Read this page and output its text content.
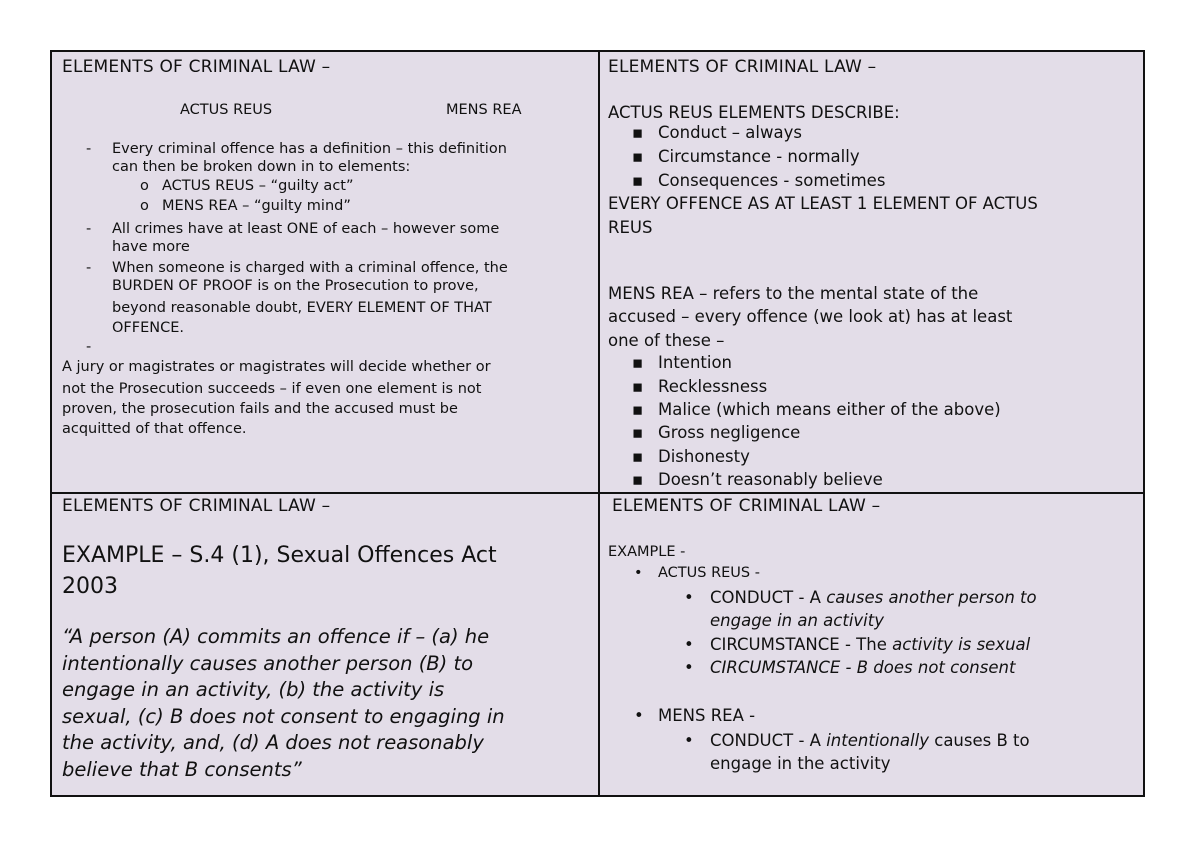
ELEMENTS OF CRIMINAL LAW –
ACTUS REUS	MENS REA
- Every criminal offence has a definition – this definition
can then be broken down in to elements:
o ACTUS REUS – “guilty act”
o MENS REA – “guilty mind”
- All crimes have at least ONE of each – however some
have more
- When someone is charged with a criminal offence, the
BURDEN OF PROOF is on the Prosecution to prove,
beyond reasonable doubt, EVERY ELEMENT OF THAT
OFFENCE.
-
A jury or magistrates or magistrates will decide whether or
not the Prosecution succeeds – if even one element is not
proven, the prosecution fails and the accused must be
acquitted of that offence.
ELEMENTS OF CRIMINAL LAW –
ACTUS REUS ELEMENTS DESCRIBE:
▪ Conduct – always
▪ Circumstance - normally
▪ Consequences - sometimes
EVERY OFFENCE AS AT LEAST 1 ELEMENT OF ACTUS
REUS
MENS REA – refers to the mental state of the
accused – every offence (we look at) has at least
one of these –
▪ Intention
▪ Recklessness
▪ Malice (which means either of the above)
▪ Gross negligence
▪ Dishonesty
▪ Doesn’t reasonably believe
ELEMENTS OF CRIMINAL LAW –
EXAMPLE – S.4 (1), Sexual Offences Act
2003
“A person (A) commits an offence if – (a) he
intentionally causes another person (B) to
engage in an activity, (b) the activity is
sexual, (c) B does not consent to engaging in
the activity, and, (d) A does not reasonably
believe that B consents”
ELEMENTS OF CRIMINAL LAW –
EXAMPLE -
• ACTUS REUS -
• CONDUCT - A causes another person to
engage in an activity
• CIRCUMSTANCE - The activity is sexual
• CIRCUMSTANCE - B does not consent
• MENS REA -
• CONDUCT - A intentionally causes B to
engage in the activity
